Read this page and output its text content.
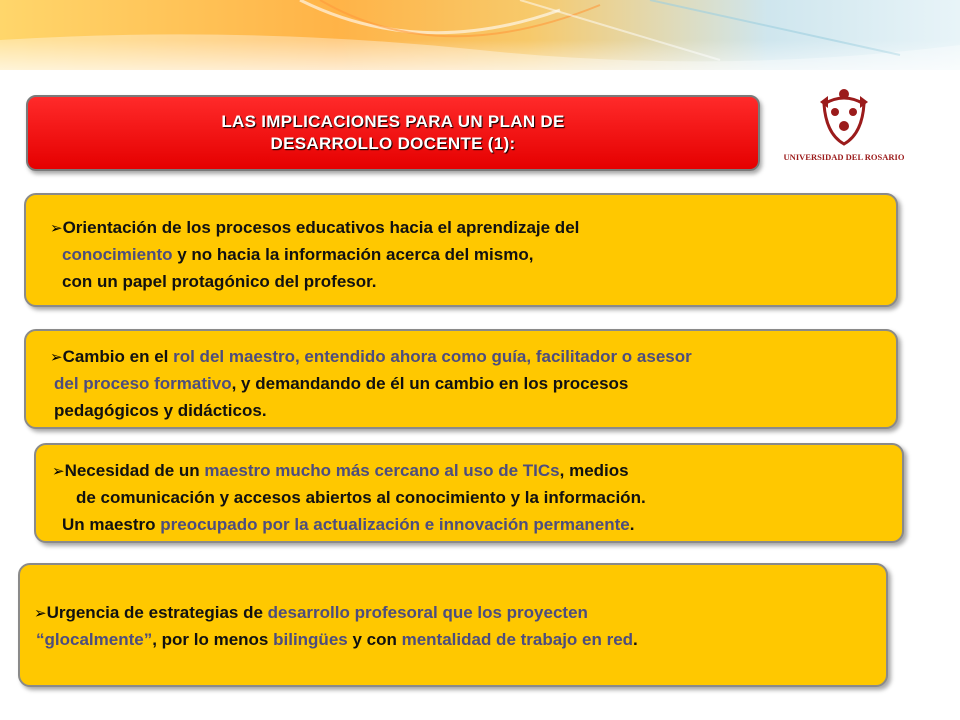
LAS IMPLICACIONES PARA UN PLAN DE
DESARROLLO DOCENTE (1):
UNIVERSIDAD DEL ROSARIO

➢Orientación de los procesos educativos hacia el aprendizaje del

conocimiento y no hacia la información acerca del mismo,

con un papel protagónico del profesor.

➢Cambio en el rol del maestro, entendido ahora como guía, facilitador o asesor

del proceso formativo, y demandando de él un cambio en los procesos

pedagógicos y didácticos.

➢Necesidad de un maestro mucho más cercano al uso de TICs, medios

de comunicación y accesos abiertos al conocimiento y la información.

Un maestro preocupado por la actualización e innovación permanente.

➢Urgencia de estrategias de desarrollo profesoral que los proyecten

“glocalmente”, por lo menos bilingües y con mentalidad de trabajo en red.
